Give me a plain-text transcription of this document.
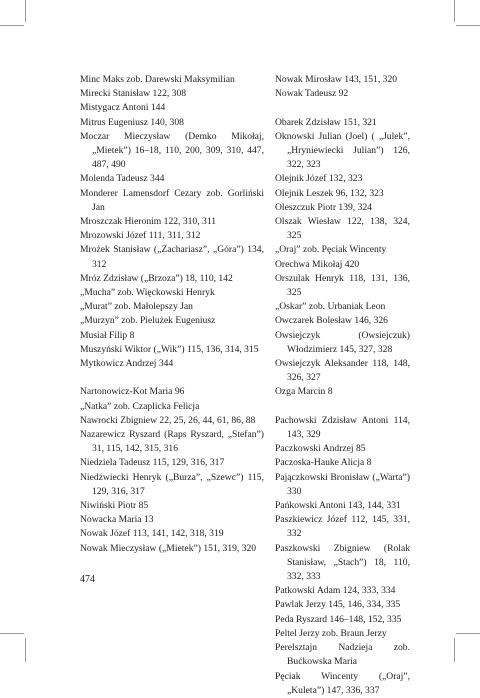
Minc Maks zob. Darewski Maksymilian
Mirecki Stanisław 122, 308
Mistygacz Antoni 144
Mitrus Eugeniusz 140, 308
Moczar Mieczysław (Demko Mikołaj, „Mietek”) 16–18, 110, 200, 309, 310, 447, 487, 490
Molenda Tadeusz 344
Monderer Lamensdorf Cezary zob. Gorliński Jan
Mroszczak Hieronim 122, 310, 311
Mrozowski Józef 111, 311, 312
Mrożek Stanisław („Zachariasz”, „Góra”) 134, 312
Mróz Zdzisław („Brzoza”) 18, 110, 142
„Mucha” zob. Więckowski Henryk
„Murat” zob. Małolepszy Jan
„Murzyn” zob. Pielużek Eugeniusz
Musiał Filip 8
Muszyński Wiktor („Wik”) 115, 136, 314, 315
Mytkowicz Andrzej 344
Nartonowicz-Kot Maria 96
„Natka” zob. Czaplicka Felicja
Nawrocki Zbigniew 22, 25, 26, 44, 61, 86, 88
Nazarewicz Ryszard (Raps Ryszard, „Stefan”) 31, 115, 142, 315, 316
Niedziela Tadeusz 115, 129, 316, 317
Niedźwiecki Henryk („Burza”, „Szewc”) 115, 129, 316, 317
Niwiński Piotr 85
Nowacka Maria 13
Nowak Józef 113, 141, 142, 318, 319
Nowak Mieczysław („Mietek”) 151, 319, 320
Nowak Mirosław 143, 151, 320
Nowak Tadeusz 92
Obarek Zdzisław 151, 321
Oknowski Julian (Joel) ( „Julek”, „Hryniewiecki Julian”) 126, 322, 323
Olejnik Józef 132, 323
Olejnik Leszek 96, 132, 323
Oleszczuk Piotr 139, 324
Olszak Wiesław 122, 138, 324, 325
„Oraj” zob. Pęciak Wincenty
Orechwa Mikołaj 420
Orszulak Henryk 118, 131, 136, 325
„Oskar” zob. Urbaniak Leon
Owczarek Bolesław 146, 326
Owsiejczyk (Owsiejczuk) Włodzimierz 145, 327, 328
Owsiejczyk Aleksander 118, 148, 326, 327
Ozga Marcin 8
Pachowski Zdzisław Antoni 114, 143, 329
Paczkowski Andrzej 85
Paczoska-Hauke Alicja 8
Pajączkowski Bronisław („Warta”) 330
Pańkowski Antoni 143, 144, 331
Paszkiewicz Józef 112, 145, 331, 332
Paszkowski Zbigniew (Rolak Stanisław, „Stach”) 18, 110, 332, 333
Patkowski Adam 124, 333, 334
Pawlak Jerzy 145, 146, 334, 335
Peda Ryszard 146–148, 152, 335
Peltel Jerzy zob. Braun Jerzy
Perelsztajn Nadzieja zob. Bućkowska Maria
Pęciak Wincenty („Oraj”, „Kuleta”) 147, 336, 337
474
